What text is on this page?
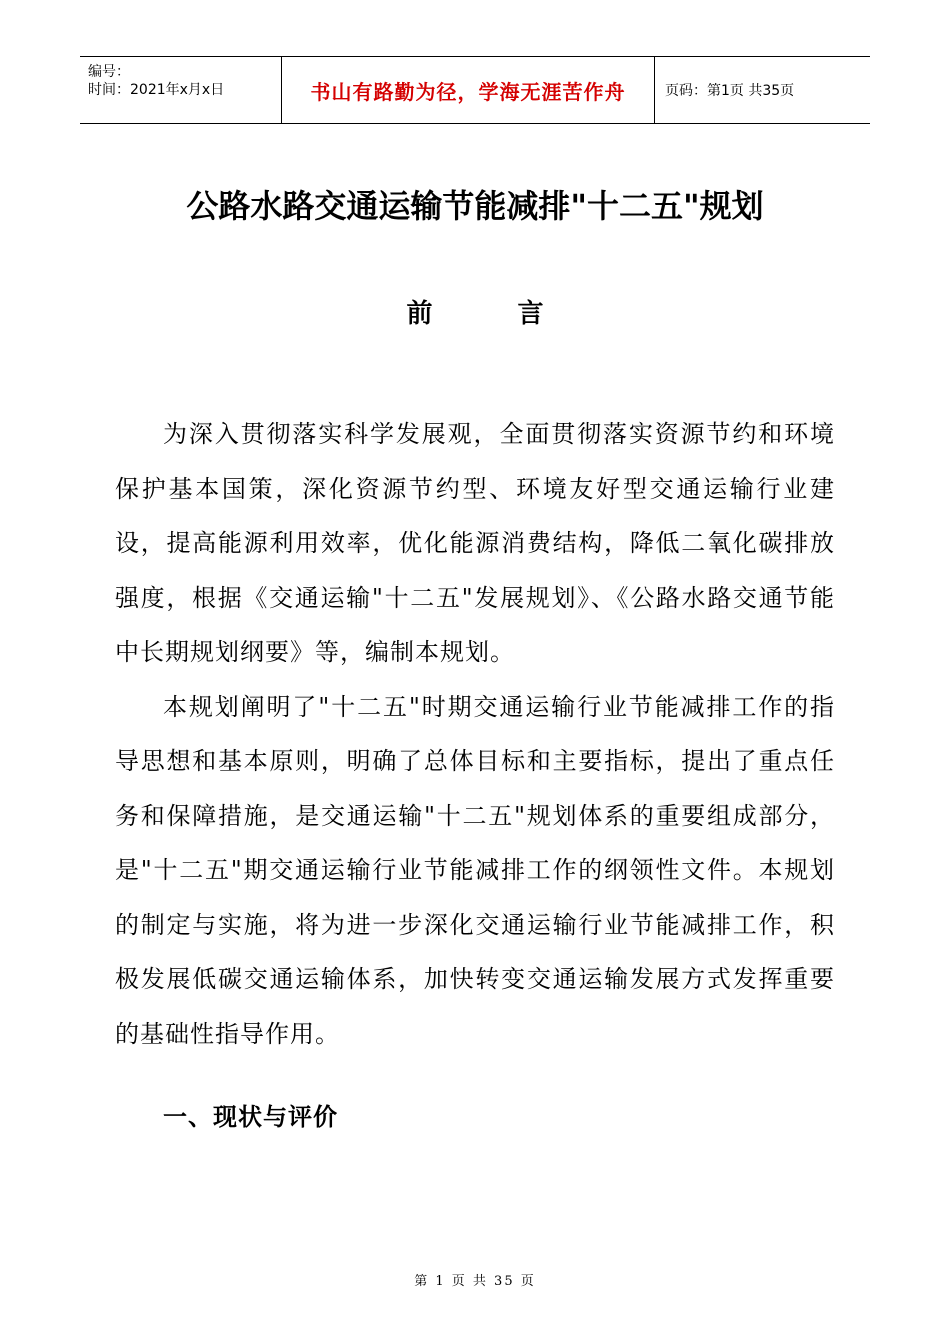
编号：
时间：2021年x月x日	书山有路勤为径，学海无涯苦作舟	页码：第1页 共35页
公路水路交通运输节能减排"十二五"规划
前 言

为深入贯彻落实科学发展观，全面贯彻落实资源节约和环境保护基本国策，深化资源节约型、环境友好型交通运输行业建设，提高能源利用效率，优化能源消费结构，降低二氧化碳排放强度，根据《交通运输"十二五"发展规划》、《公路水路交通节能中长期规划纲要》等，编制本规划。

本规划阐明了"十二五"时期交通运输行业节能减排工作的指导思想和基本原则，明确了总体目标和主要指标，提出了重点任务和保障措施，是交通运输"十二五"规划体系的重要组成部分，是"十二五"期交通运输行业节能减排工作的纲领性文件。本规划的制定与实施，将为进一步深化交通运输行业节能减排工作，积极发展低碳交通运输体系，加快转变交通运输发展方式发挥重要的基础性指导作用。

一、现状与评价
第 1 页 共 35 页
